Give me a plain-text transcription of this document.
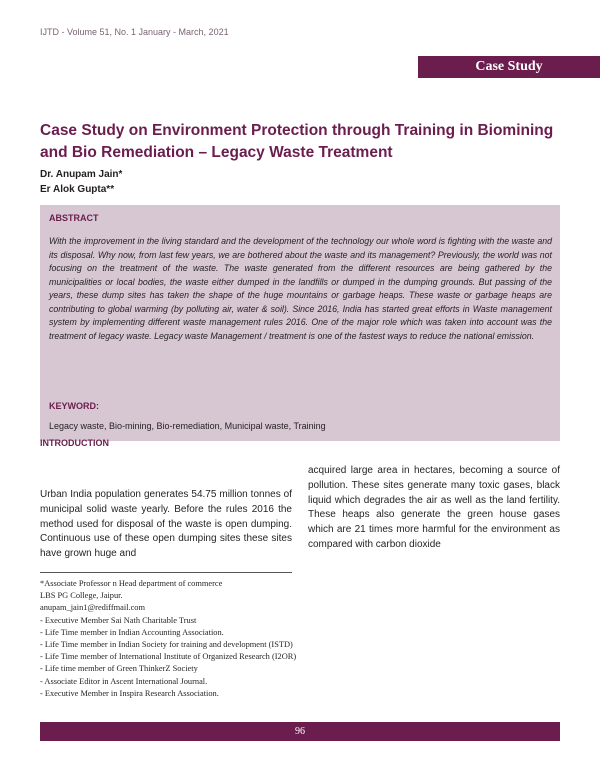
IJTD - Volume 51, No. 1 January - March, 2021
Case Study
Case Study on Environment Protection through Training in Biomining and Bio Remediation – Legacy Waste Treatment
Dr. Anupam Jain*
Er Alok Gupta**
ABSTRACT
With the improvement in the living standard and the development of the technology our whole word is fighting with the waste and its disposal. Why now, from last few years, we are bothered about the waste and its management? Previously, the world was not focusing on the treatment of the waste. The waste generated from the different resources are being gathered by the municipalities or local bodies, the waste either dumped in the landfills or dumped in the dumping grounds. But passing of the years, these dump sites has taken the shape of the huge mountains or garbage heaps. These waste or garbage heaps are contributing to global warming (by polluting air, water & soil). Since 2016, India has started great efforts in Waste management system by implementing different waste management rules 2016. One of the major role which was taken into account was the treatment of legacy waste. Legacy waste Management / treatment is one of the fastest ways to reduce the national emission.
KEYWORD:
Legacy waste, Bio-mining, Bio-remediation, Municipal waste, Training
INTRODUCTION
Urban India population generates 54.75 million tonnes of municipal solid waste yearly. Before the rules 2016 the method used for disposal of the waste is open dumping. Continuous use of these open dumping sites these sites have grown huge and
acquired large area in hectares, becoming a source of pollution. These sites generate many toxic gases, black liquid which degrades the air as well as the land fertility. These heaps also generate the green house gases which are 21 times more harmful for the environment as compared with carbon dioxide
*Associate Professor n Head department of commerce
LBS PG College, Jaipur.
anupam_jain1@rediffmail.com
- Executive Member Sai Nath Charitable Trust
- Life Time member in Indian Accounting Association.
- Life Time member in Indian Society for training and development (ISTD)
- Life Time member of International Institute of Organized Research (I2OR)
- Life time member of Green ThinkerZ Society
- Associate Editor in Ascent International Journal.
- Executive Member in Inspira Research Association.
96
